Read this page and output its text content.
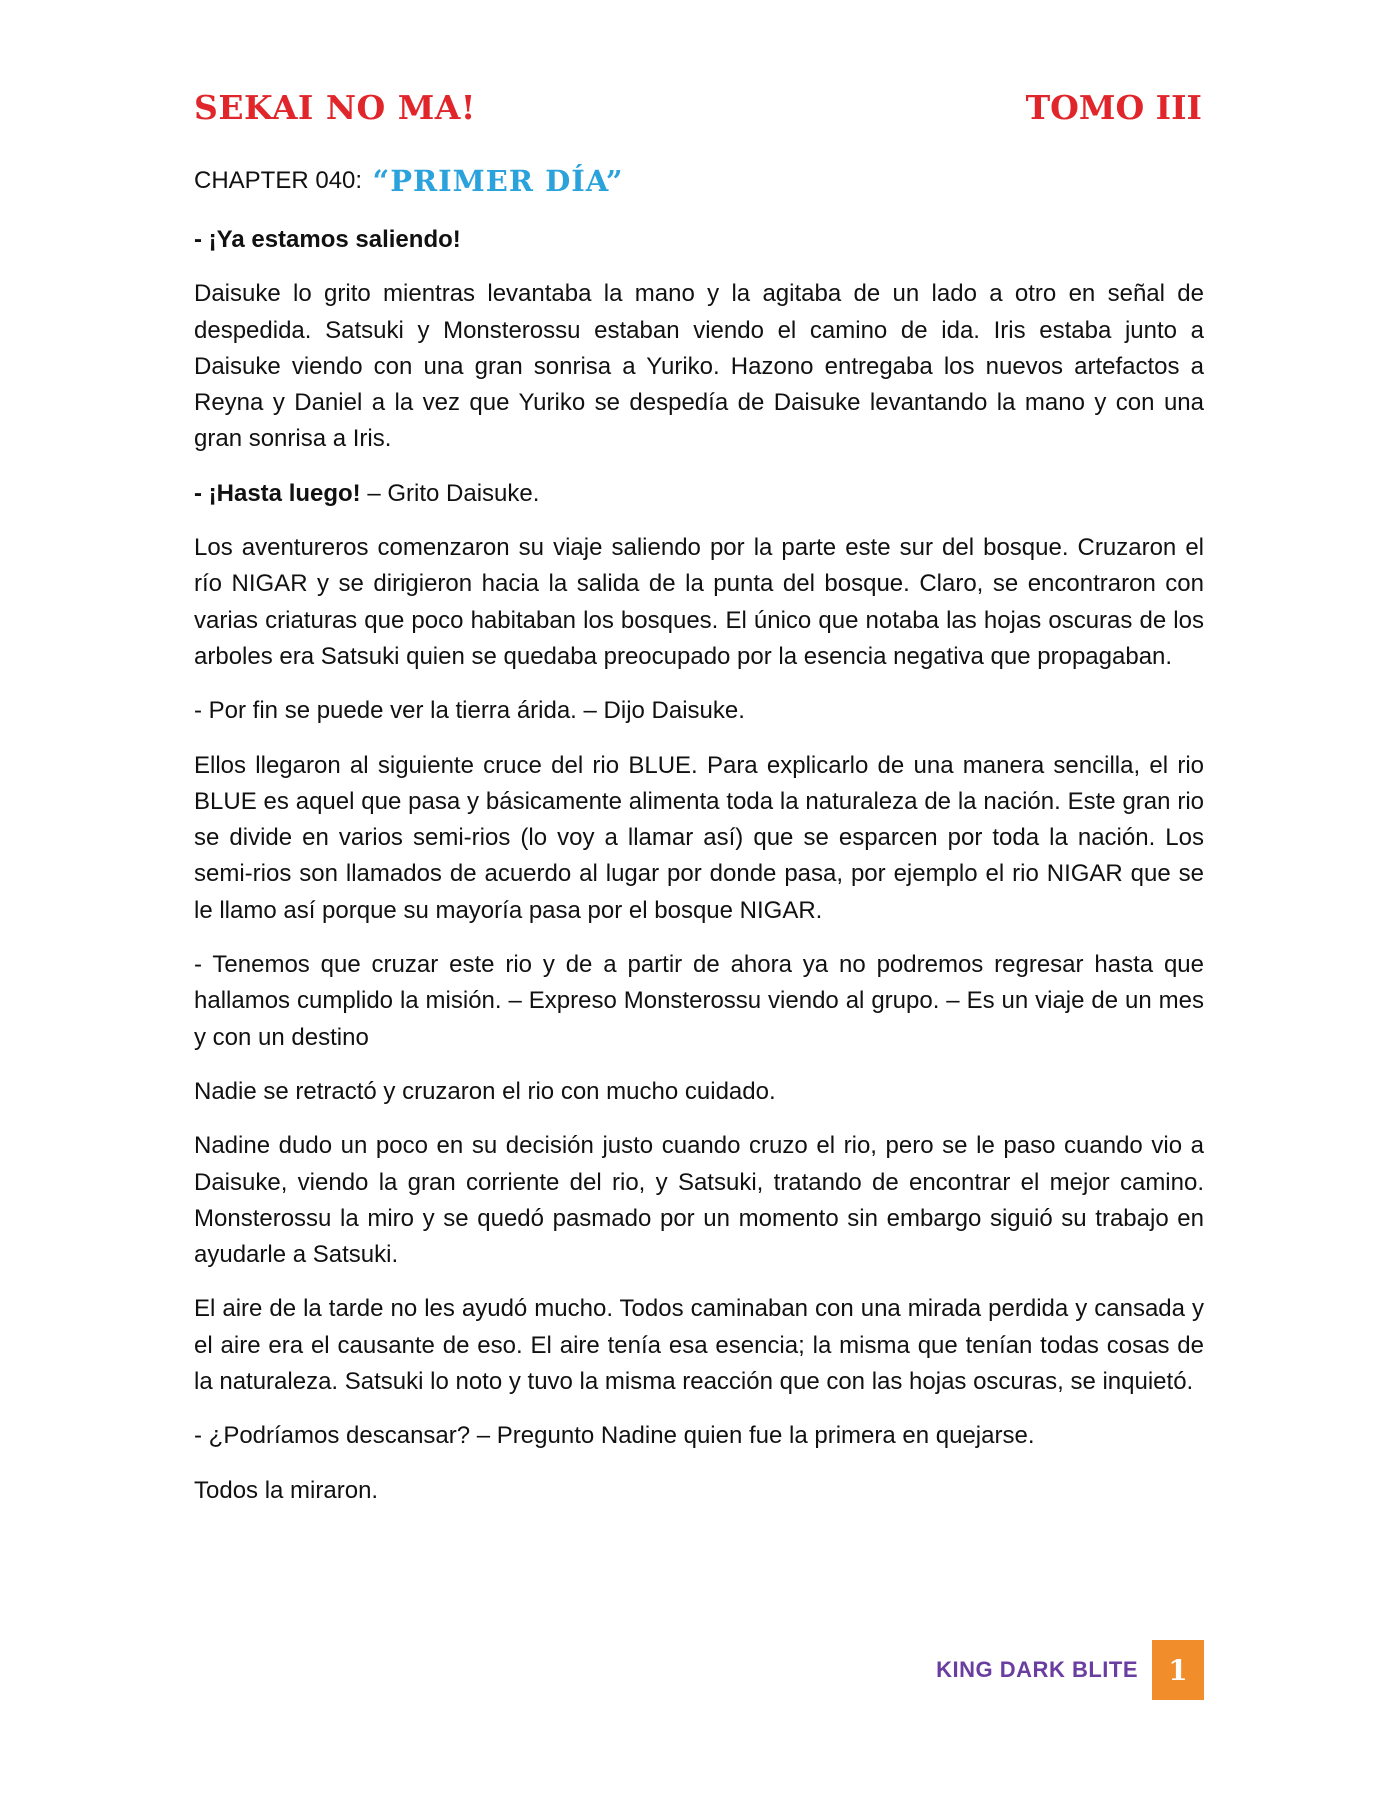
SEKAI NO MA!	TOMO III
CHAPTER 040: “PRIMER DÍA”

- ¡Ya estamos saliendo!

Daisuke lo grito mientras levantaba la mano y la agitaba de un lado a otro en señal de despedida. Satsuki y Monsterossu estaban viendo el camino de ida. Iris estaba junto a Daisuke viendo con una gran sonrisa a Yuriko. Hazono entregaba los nuevos artefactos a Reyna y Daniel a la vez que Yuriko se despedía de Daisuke levantando la mano y con una gran sonrisa a Iris.

- ¡Hasta luego! – Grito Daisuke.

Los aventureros comenzaron su viaje saliendo por la parte este sur del bosque. Cruzaron el río NIGAR y se dirigieron hacia la salida de la punta del bosque. Claro, se encontraron con varias criaturas que poco habitaban los bosques. El único que notaba las hojas oscuras de los arboles era Satsuki quien se quedaba preocupado por la esencia negativa que propagaban.

- Por fin se puede ver la tierra árida. – Dijo Daisuke.

Ellos llegaron al siguiente cruce del rio BLUE. Para explicarlo de una manera sencilla, el rio BLUE es aquel que pasa y básicamente alimenta toda la naturaleza de la nación. Este gran rio se divide en varios semi-rios (lo voy a llamar así) que se esparcen por toda la nación. Los semi-rios son llamados de acuerdo al lugar por donde pasa, por ejemplo el rio NIGAR que se le llamo así porque su mayoría pasa por el bosque NIGAR.

- Tenemos que cruzar este rio y de a partir de ahora ya no podremos regresar hasta que hallamos cumplido la misión. – Expreso Monsterossu viendo al grupo. – Es un viaje de un mes y con un destino

Nadie se retractó y cruzaron el rio con mucho cuidado.

Nadine dudo un poco en su decisión justo cuando cruzo el rio, pero se le paso cuando vio a Daisuke, viendo la gran corriente del rio, y Satsuki, tratando de encontrar el mejor camino. Monsterossu la miro y se quedó pasmado por un momento sin embargo siguió su trabajo en ayudarle a Satsuki.

El aire de la tarde no les ayudó mucho. Todos caminaban con una mirada perdida y cansada y el aire era el causante de eso. El aire tenía esa esencia; la misma que tenían todas cosas de la naturaleza. Satsuki lo noto y tuvo la misma reacción que con las hojas oscuras, se inquietó.

- ¿Podríamos descansar? – Pregunto Nadine quien fue la primera en quejarse.

Todos la miraron.

KING DARK BLITE	1
